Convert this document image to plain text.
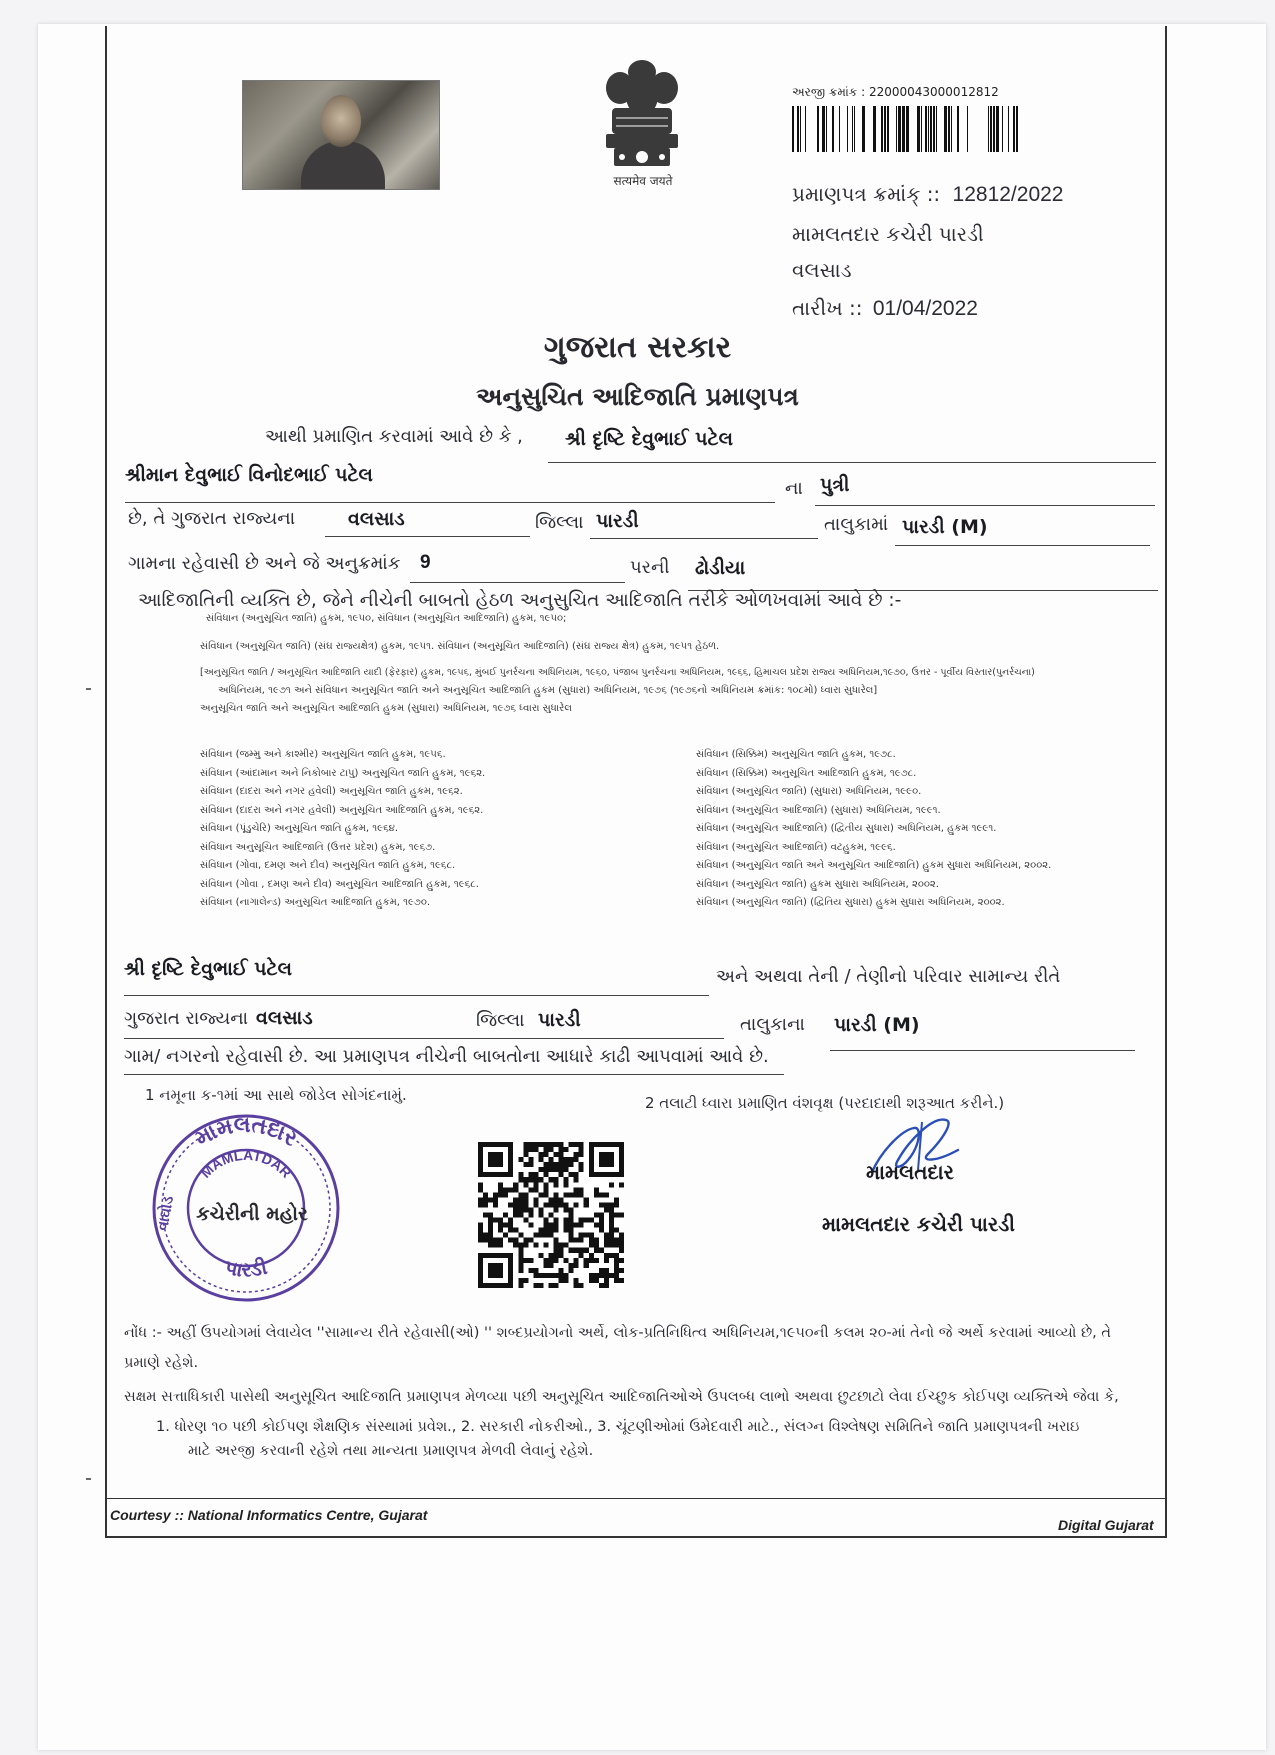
सत्यमेव जयते
અરજી ક્રમાંક : 22000043000012812
પ્રમાણપત્ર ક્રમાંક્ :: 12812/2022
મામલતદાર કચેરી પારડી
વલસાડ
તારીખ :: 01/04/2022
ગુજરાત સરકાર
અનુસુચિત આદિજાતિ પ્રમાણપત્ર
આથી પ્રમાણિત કરવામાં આવે છે કે , શ્રી દૃષ્ટિ દેવુભાઈ પટેલ
શ્રીમાન દેવુભાઈ વિનોદભાઈ પટેલ
ના પુત્રી
છે, તે ગુજરાત રાજ્યના	વલસાડ	જિલ્લા પારડી	તાલુકામાં પારડી (M)
ગામના રહેવાસી છે અને જે અનુક્રમાંક 9	પરની ઢોડીયા
આદિજાતિની વ્યક્તિ છે, જેને નીચેની બાબતો હેઠળ અનુસુચિત આદિજાતિ તરીકે ઓળખવામાં આવે છે :-
સંવિધાન (અનુસૂચિત જાતિ) હુકમ, ૧૯૫૦, સંવિધાન (અનુસૂચિત આદિજાતિ) હુકમ, ૧૯૫૦;
સંવિધાન (અનુસૂચિત જાતિ) (સંઘ રાજ્યક્ષેત્ર) હુકમ, ૧૯૫૧. સંવિધાન (અનુસૂચિત આદિજાતિ) (સંઘ રાજ્ય ક્ષેત્ર) હુકમ, ૧૯૫૧ હેઠળ.
[અનુસૂચિત જાતિ / અનુસૂચિત આદિજાતિ યાદી (ફેરફાર) હુકમ, ૧૯૫૬, મુંબઈ પુનર્રચના અધિનિયમ, ૧૯૬૦, પંજાબ પુનર્રચના અધિનિયમ, ૧૯૬૬, હિમાચલ પ્રદેશ રાજ્ય અધિનિયમ,૧૯૭૦, ઉત્તર - પૂર્વીય વિસ્તાર(પુનર્રચના)
અધિનિયમ, ૧૯૭૧ અને સંવિધાન અનુસૂચિત જાતિ અને અનુસૂચિત આદિજાતિ હુકમ (સુધારા) અધિનિયમ, ૧૯૭૬ (૧૯૭૬નો અધિનિયમ ક્રમાંક: ૧૦૮મો) ધ્વારા સુધારેલ]
અનુસૂચિત જાતિ અને અનુસૂચિત આદિજાતિ હુકમ (સુધારા) અધિનિયમ, ૧૯૭૬ ધ્વારા સુધારેલ
સંવિધાન (જમ્મુ અને કાશ્મીર) અનુસૂચિત જાતિ હુકમ, ૧૯૫૬.
સંવિધાન (આંદામાન અને નિકોબાર ટાપુ) અનુસૂચિત જાતિ હુકમ, ૧૯૬૨.
સંવિધાન (દાદરા અને નગર હવેલી) અનુસૂચિત જાતિ હુકમ, ૧૯૬૨.
સંવિધાન (દાદરા અને નગર હવેલી) અનુસૂચિત આદિજાતિ હુકમ, ૧૯૬૨.
સંવિધાન (પૂંડુચેરિ) અનુસૂચિત જાતિ હુકમ, ૧૯૬૪.
સંવિધાન અનુસૂચિત આદિજાતિ (ઉત્તર પ્રદેશ) હુકમ, ૧૯૬૭.
સંવિધાન (ગોવા, દમણ અને દીવ) અનુસૂચિત જાતિ હુકમ, ૧૯૬૮.
સંવિધાન (ગોવા , દમણ અને દીવ) અનુસૂચિત આદિજાતિ હુકમ, ૧૯૬૮.
સંવિધાન (નાગાલેન્ડ) અનુસૂચિત આદિજાતિ હુકમ, ૧૯૭૦.
સંવિધાન (સિક્કિમ) અનુસૂચિત જાતિ હુકમ, ૧૯૭૮.
સંવિધાન (સિક્કિમ) અનુસૂચિત આદિજાતિ હુકમ, ૧૯૭૮.
સંવિધાન (અનુસૂચિત જાતિ) (સુધારા) અધિનિયમ, ૧૯૯૦.
સંવિધાન (અનુસૂચિત આદિજાતિ) (સુધારા) અધિનિયમ, ૧૯૯૧.
સંવિધાન (અનુસૂચિત આદિજાતિ) (દ્વિતીય સુધારા) અધિનિયમ, હુકમ ૧૯૯૧.
સંવિધાન (અનુસૂચિત આદિજાતિ) વટહુકમ, ૧૯૯૬.
સંવિધાન (અનુસૂચિત જાતિ અને અનુસૂચિત આદિજાતિ) હુકમ સુધારા અધિનિયમ, ૨૦૦૨.
સંવિધાન (અનુસૂચિત જાતિ) હુકમ સુધારા અધિનિયમ, ૨૦૦૨.
સંવિધાન (અનુસૂચિત જાતિ) (દ્વિતિય સુધારા) હુકમ સુધારા અધિનિયમ, ૨૦૦૨.
શ્રી દૃષ્ટિ દેવુભાઈ પટેલ	અને અથવા તેની / તેણીનો પરિવાર સામાન્ય રીતે
ગુજરાત રાજ્યના વલસાડ	જિલ્લા પારડી	તાલુકાના પારડી (M)
ગામ/ નગરનો રહેવાસી છે. આ પ્રમાણપત્ર નીચેની બાબતોના આધારે કાઢી આપવામાં આવે છે.
1 નમૂના ક-૧માં આ સાથે જોડેલ સોગંદનામું.	2 તલાટી ધ્વારા પ્રમાણિત વંશવૃક્ષ (પરદાદાથી શરૂઆત કરીને.)
મામલતદાર
MAMLATDAR
પારડી
કચેરીની મહોર
વાઘોડ
મામલતદાર
મામલતદાર કચેરી પારડી
નોંધ :- અહીં ઉપયોગમાં લેવાયેલ ''સામાન્ય રીતે રહેવાસી(ઓ) '' શબ્દપ્રયોગનો અર્થે, લોક-પ્રતિનિધિત્વ અધિનિયમ,૧૯૫૦ની કલમ ૨૦-માં તેનો જે અર્થે કરવામાં આવ્યો છે, તે
પ્રમાણે રહેશે.
સક્ષમ સત્તાધિકારી પાસેથી અનુસૂચિત આદિજાતિ પ્રમાણપત્ર મેળવ્યા પછી અનુસૂચિત આદિજાતિઓએ ઉપલબ્ધ લાભો અથવા છુટછાટો લેવા ઈચ્છુક કોઈપણ વ્યક્તિએ જેવા કે,
1. ધોરણ ૧૦ પછી કોઈપણ શૈક્ષણિક સંસ્થામાં પ્રવેશ., 2. સરકારી નોકરીઓ., 3. ચૂંટણીઓમાં ઉમેદવારી માટે., સંલગ્ન વિશ્લેષણ સમિતિને જાતિ પ્રમાણપત્રની ખરાઇ
માટે અરજી કરવાની રહેશે તથા માન્યતા પ્રમાણપત્ર મેળવી લેવાનું રહેશે.
Courtesy :: National Informatics Centre, Gujarat
Digital Gujarat
